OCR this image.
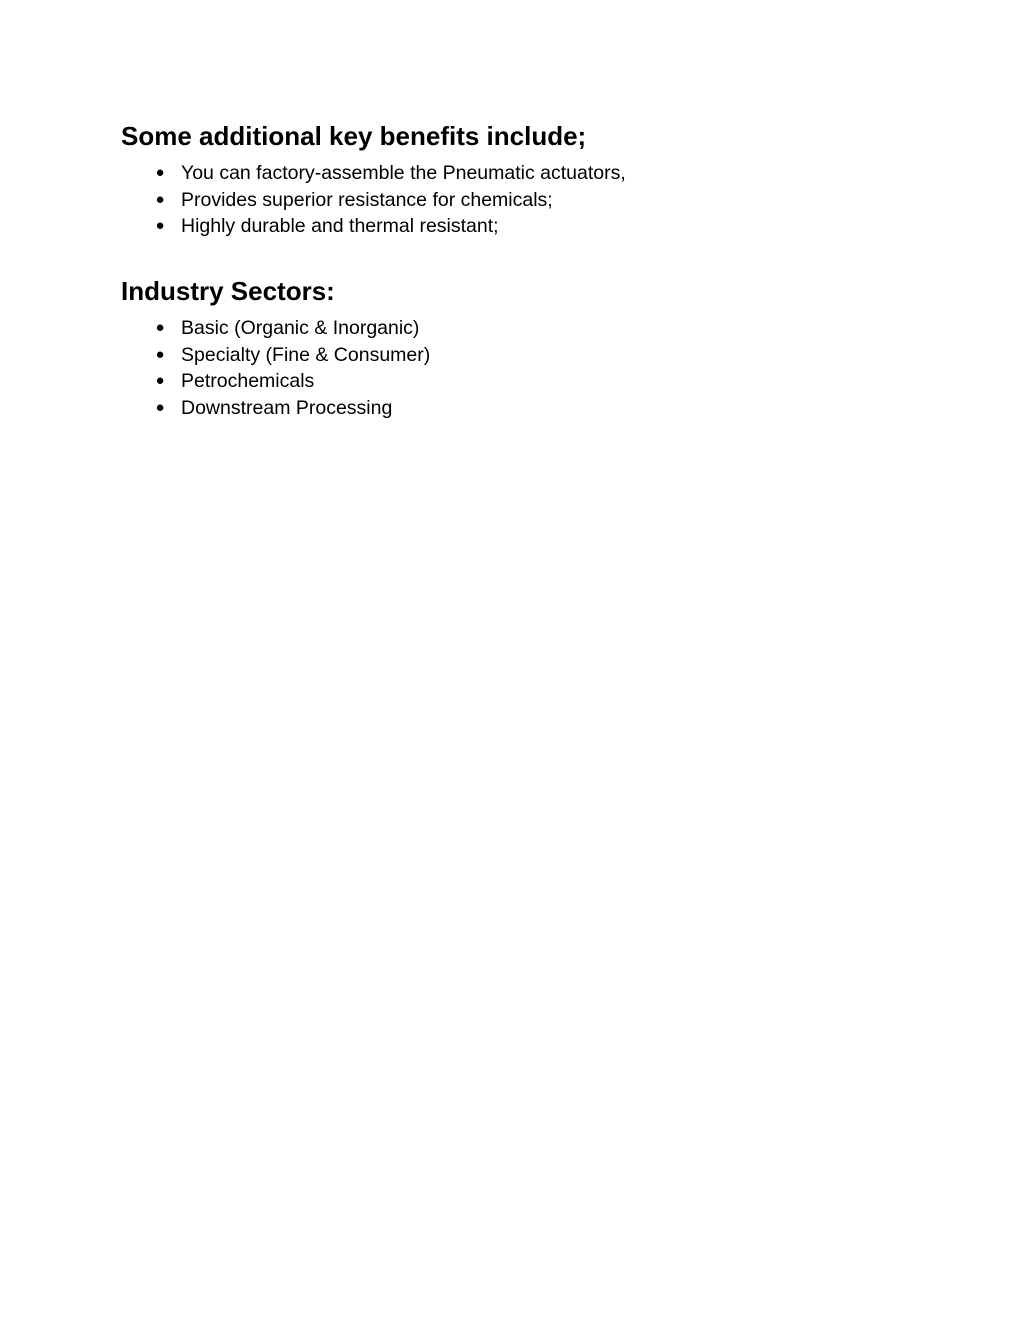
Some additional key benefits include;
● You can factory-assemble the Pneumatic actuators,
● Provides superior resistance for chemicals;
● Highly durable and thermal resistant;
Industry Sectors:
● Basic (Organic & Inorganic)
● Specialty (Fine & Consumer)
● Petrochemicals
● Downstream Processing
